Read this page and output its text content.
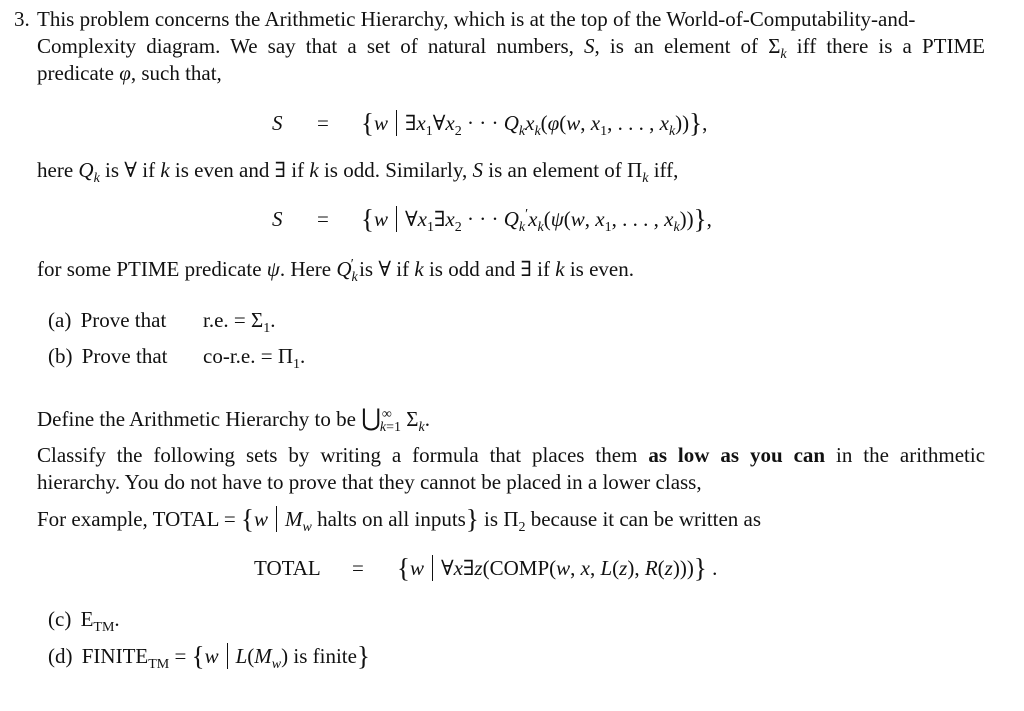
3. This problem concerns the Arithmetic Hierarchy, which is at the top of the World-of-Computability-and-
Complexity diagram. We say that a set of natural numbers, S, is an element of $\Sigma_k$ iff there is a PTIME
predicate φ, such that,
S = {w $\exists x_1\forall x_2$ · · · $Q_kx_k(\varphi(w$, $x_1$, . . . , $x_k$))},
here $Q_k$ is ∀ if k is even and ∃ if k is odd. Similarly, S is an element of $\Pi_k$ iff,
S = {w $\forall x_1\exists x_2$ · · · $Q_k'x_k(\psi(w$, $x_1$, . . . , $x_k$))},
for some PTIME predicate ψ. Here $Q_k'$ is ∀ if k is odd and ∃ if k is even.
(a) Prove that r.e. = $\Sigma_1$.
(b) Prove that co-r.e. = $\Pi_1$.
Define the Arithmetic Hierarchy to be $⋃^\infty_{k=1}$ $\Sigma_k$.
Classify the following sets by writing a formula that places them as low as you can in the arithmetic
hierarchy. You do not have to prove that they cannot be placed in a lower class,
For example, TOTAL = {w $M_w$ halts on all inputs} is $\Pi_2$ because it can be written as
TOTAL = {w ∀x∃z(COMP(w, x, L(z), R(z)))} .
(c) $E_{TM}$.
(d) $FINITE_{TM} = \{w$ $L(M_w)$ is finite}
